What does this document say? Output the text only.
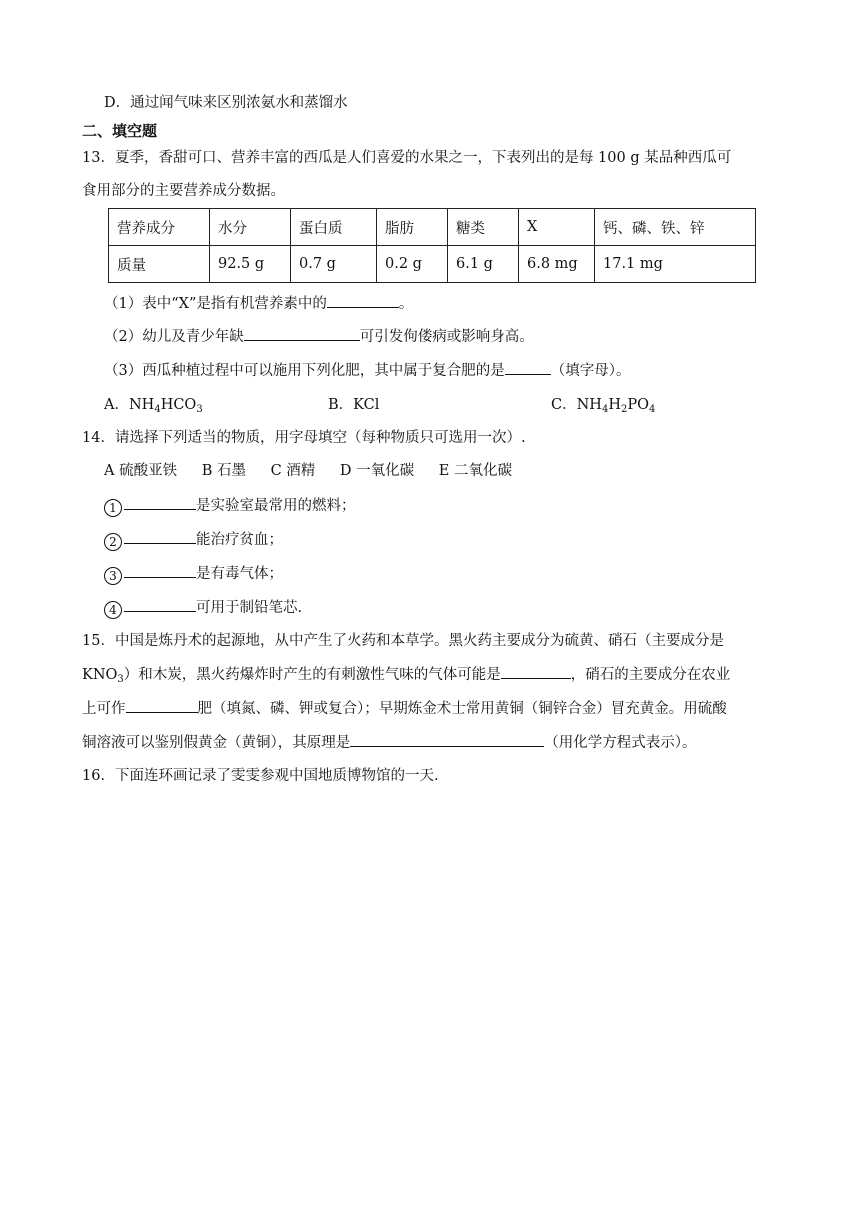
D．通过闻气味来区别浓氨水和蒸馏水
二、填空题
13．夏季，香甜可口、营养丰富的西瓜是人们喜爱的水果之一，下表列出的是每 100 g 某品种西瓜可
食用部分的主要营养成分数据。
营养成分	水分	蛋白质	脂肪	糖类	X	钙、磷、铁、锌
质量	92.5 g	0.7 g	0.2 g	6.1 g	6.8 mg	17.1 mg
（1）表中“X”是指有机营养素中的	。
（2）幼儿及青少年缺	可引发佝偻病或影响身高。
（3）西瓜种植过程中可以施用下列化肥，其中属于复合肥的是	（填字母）。
A．$NH_4HCO_3$	B．KCl	C．$NH_4H_2PO_4$
14．请选择下列适当的物质，用字母填空（每种物质只可选用一次）.
A 硫酸亚铁 B 石墨 C 酒精 D 一氧化碳 E 二氧化碳
1	是实验室最常用的燃料；
2	能治疗贫血；
3	是有毒气体；
4	可用于制铅笔芯.
15．中国是炼丹术的起源地，从中产生了火药和本草学。黑火药主要成分为硫黄、硝石（主要成分是
$KNO_3$）和木炭，黑火药爆炸时产生的有刺激性气味的气体可能是	，硝石的主要成分在农业
上可作	肥（填氮、磷、钾或复合）；早期炼金术士常用黄铜（铜锌合金）冒充黄金。用硫酸
铜溶液可以鉴别假黄金（黄铜），其原理是	（用化学方程式表示）。
16．下面连环画记录了雯雯参观中国地质博物馆的一天.
